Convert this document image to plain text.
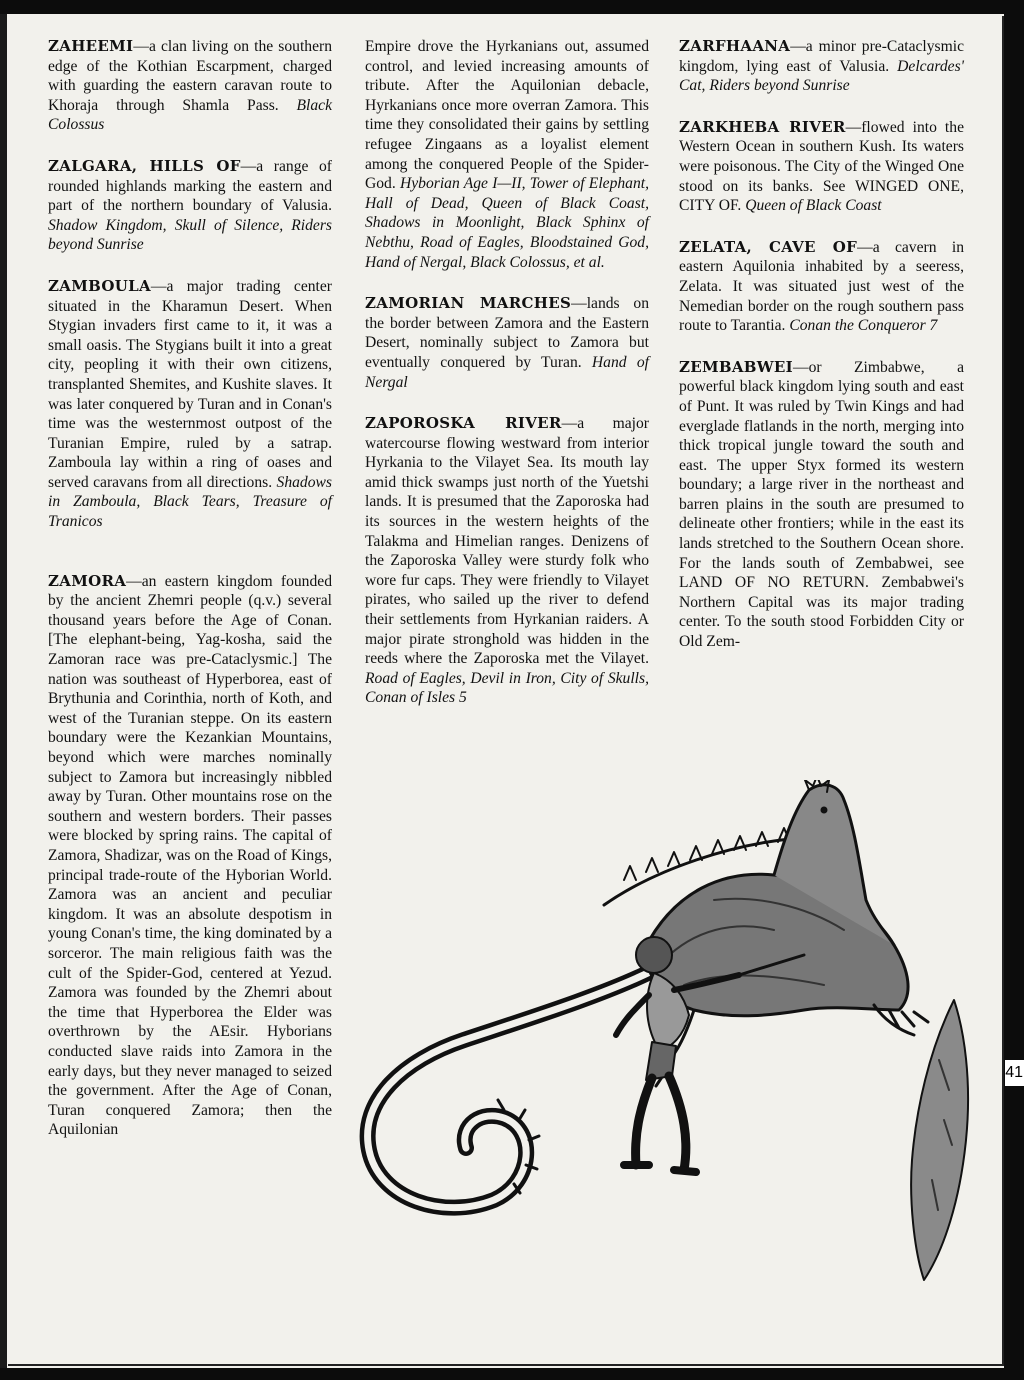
ZAHEEMI—a clan living on the southern edge of the Kothian Escarpment, charged with guarding the eastern caravan route to Khoraja through Shamla Pass. Black Colossus

ZALGARA, HILLS OF—a range of rounded highlands marking the eastern and part of the northern boundary of Valusia. Shadow Kingdom, Skull of Silence, Riders beyond Sunrise

ZAMBOULA—a major trading center situated in the Kharamun Desert. When Stygian invaders first came to it, it was a small oasis. The Stygians built it into a great city, peopling it with their own citizens, transplanted Shemites, and Kushite slaves. It was later conquered by Turan and in Conan's time was the westernmost outpost of the Turanian Empire, ruled by a satrap. Zamboula lay within a ring of oases and served caravans from all directions. Shadows in Zamboula, Black Tears, Treasure of Tranicos

ZAMORA—an eastern kingdom founded by the ancient Zhemri people (q.v.) several thousand years before the Age of Conan. [The elephant-being, Yag-kosha, said the Zamoran race was pre-Cataclysmic.] The nation was southeast of Hyperborea, east of Brythunia and Corinthia, north of Koth, and west of the Turanian steppe. On its eastern boundary were the Kezankian Mountains, beyond which were marches nominally subject to Zamora but increasingly nibbled away by Turan. Other mountains rose on the southern and western borders. Their passes were blocked by spring rains. The capital of Zamora, Shadizar, was on the Road of Kings, principal trade-route of the Hyborian World. Zamora was an ancient and peculiar kingdom. It was an absolute despotism in young Conan's time, the king dominated by a sorceror. The main religious faith was the cult of the Spider-God, centered at Yezud. Zamora was founded by the Zhemri about the time that Hyperborea the Elder was overthrown by the AEsir. Hyborians conducted slave raids into Zamora in the early days, but they never managed to seized the government. After the Age of Conan, Turan conquered Zamora; then the Aquilonian

Empire drove the Hyrkanians out, assumed control, and levied increasing amounts of tribute. After the Aquilonian debacle, Hyrkanians once more overran Zamora. This time they consolidated their gains by settling refugee Zingaans as a loyalist element among the conquered People of the Spider-God. Hyborian Age I—II, Tower of Elephant, Hall of Dead, Queen of Black Coast, Shadows in Moonlight, Black Sphinx of Nebthu, Road of Eagles, Bloodstained God, Hand of Nergal, Black Colossus, et al.

ZAMORIAN MARCHES—lands on the border between Zamora and the Eastern Desert, nominally subject to Zamora but eventually conquered by Turan. Hand of Nergal

ZAPOROSKA RIVER—a major watercourse flowing westward from interior Hyrkania to the Vilayet Sea. Its mouth lay amid thick swamps just north of the Yuetshi lands. It is presumed that the Zaporoska had its sources in the western heights of the Talakma and Himelian ranges. Denizens of the Zaporoska Valley were sturdy folk who wore fur caps. They were friendly to Vilayet pirates, who sailed up the river to defend their settlements from Hyrkanian raiders. A major pirate stronghold was hidden in the reeds where the Zaporoska met the Vilayet. Road of Eagles, Devil in Iron, City of Skulls, Conan of Isles 5

ZARFHAANA—a minor pre-Cataclysmic kingdom, lying east of Valusia. Delcardes' Cat, Riders beyond Sunrise

ZARKHEBA RIVER—flowed into the Western Ocean in southern Kush. Its waters were poisonous. The City of the Winged One stood on its banks. See WINGED ONE, CITY OF. Queen of Black Coast

ZELATA, CAVE OF—a cavern in eastern Aquilonia inhabited by a seeress, Zelata. It was situated just west of the Nemedian border on the rough southern pass route to Tarantia. Conan the Conqueror 7

ZEMBABWEI—or Zimbabwe, a powerful black kingdom lying south and east of Punt. It was ruled by Twin Kings and had everglade flatlands in the north, merging into thick tropical jungle toward the south and east. The upper Styx formed its western boundary; a large river in the northeast and barren plains in the south are presumed to delineate other frontiers; while in the east its lands stretched to the Southern Ocean shore. For the lands south of Zembabwei, see LAND OF NO RETURN. Zembabwei's Northern Capital was its major trading center. To the south stood Forbidden City or Old Zem-

41
